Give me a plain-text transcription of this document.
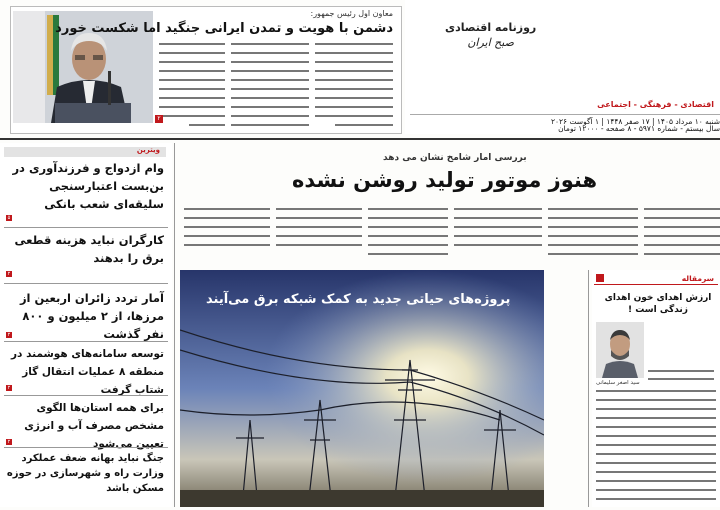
روزنامه اقتصادی
صبح ایران
اقتصادی - فرهنگی - اجتماعی
شنبه ۱۰ مرداد ۱۴۰۵ | ۱۷ صفر ۱۴۴۸ | ۱ آگوست ۲۰۲۶
سال بیستم - شماره ۵۹۷۱ - ۸ صفحه - ۱۲۰۰۰ تومان
معاون اول رئیس جمهور:
دشمن با هویت و تمدن ایرانی جنگید اما شکست خورد
۲
ویترین
وام ازدواج و فرزندآوری در بن‌بست اعتبارسنجی سلیقه‌ای شعب بانکی
۵
کارگران نباید هزینه قطعی برق را بدهند
۲
آمار تردد زائران اربعین از مرزها، از ۲ میلیون و ۸۰۰ نفر گذشت
۲
توسعه سامانه‌های هوشمند در منطقه ۸ عملیات انتقال گاز شتاب گرفت
۲
برای همه استان‌ها الگوی مشخص مصرف آب و انرژی تعیین می‌شود
۲
جنگ نباید بهانه ضعف عملکرد وزارت راه و شهرسازی در حوزه مسکن باشد
بررسی امار شامخ نشان می دهد
هنوز موتور تولید روشن نشده
پروژه‌های حیاتی جدید به کمک شبکه برق می‌آیند
سرمقاله
ارزش اهدای خون اهدای زندگی است !
سید اصغر سلیمانی
